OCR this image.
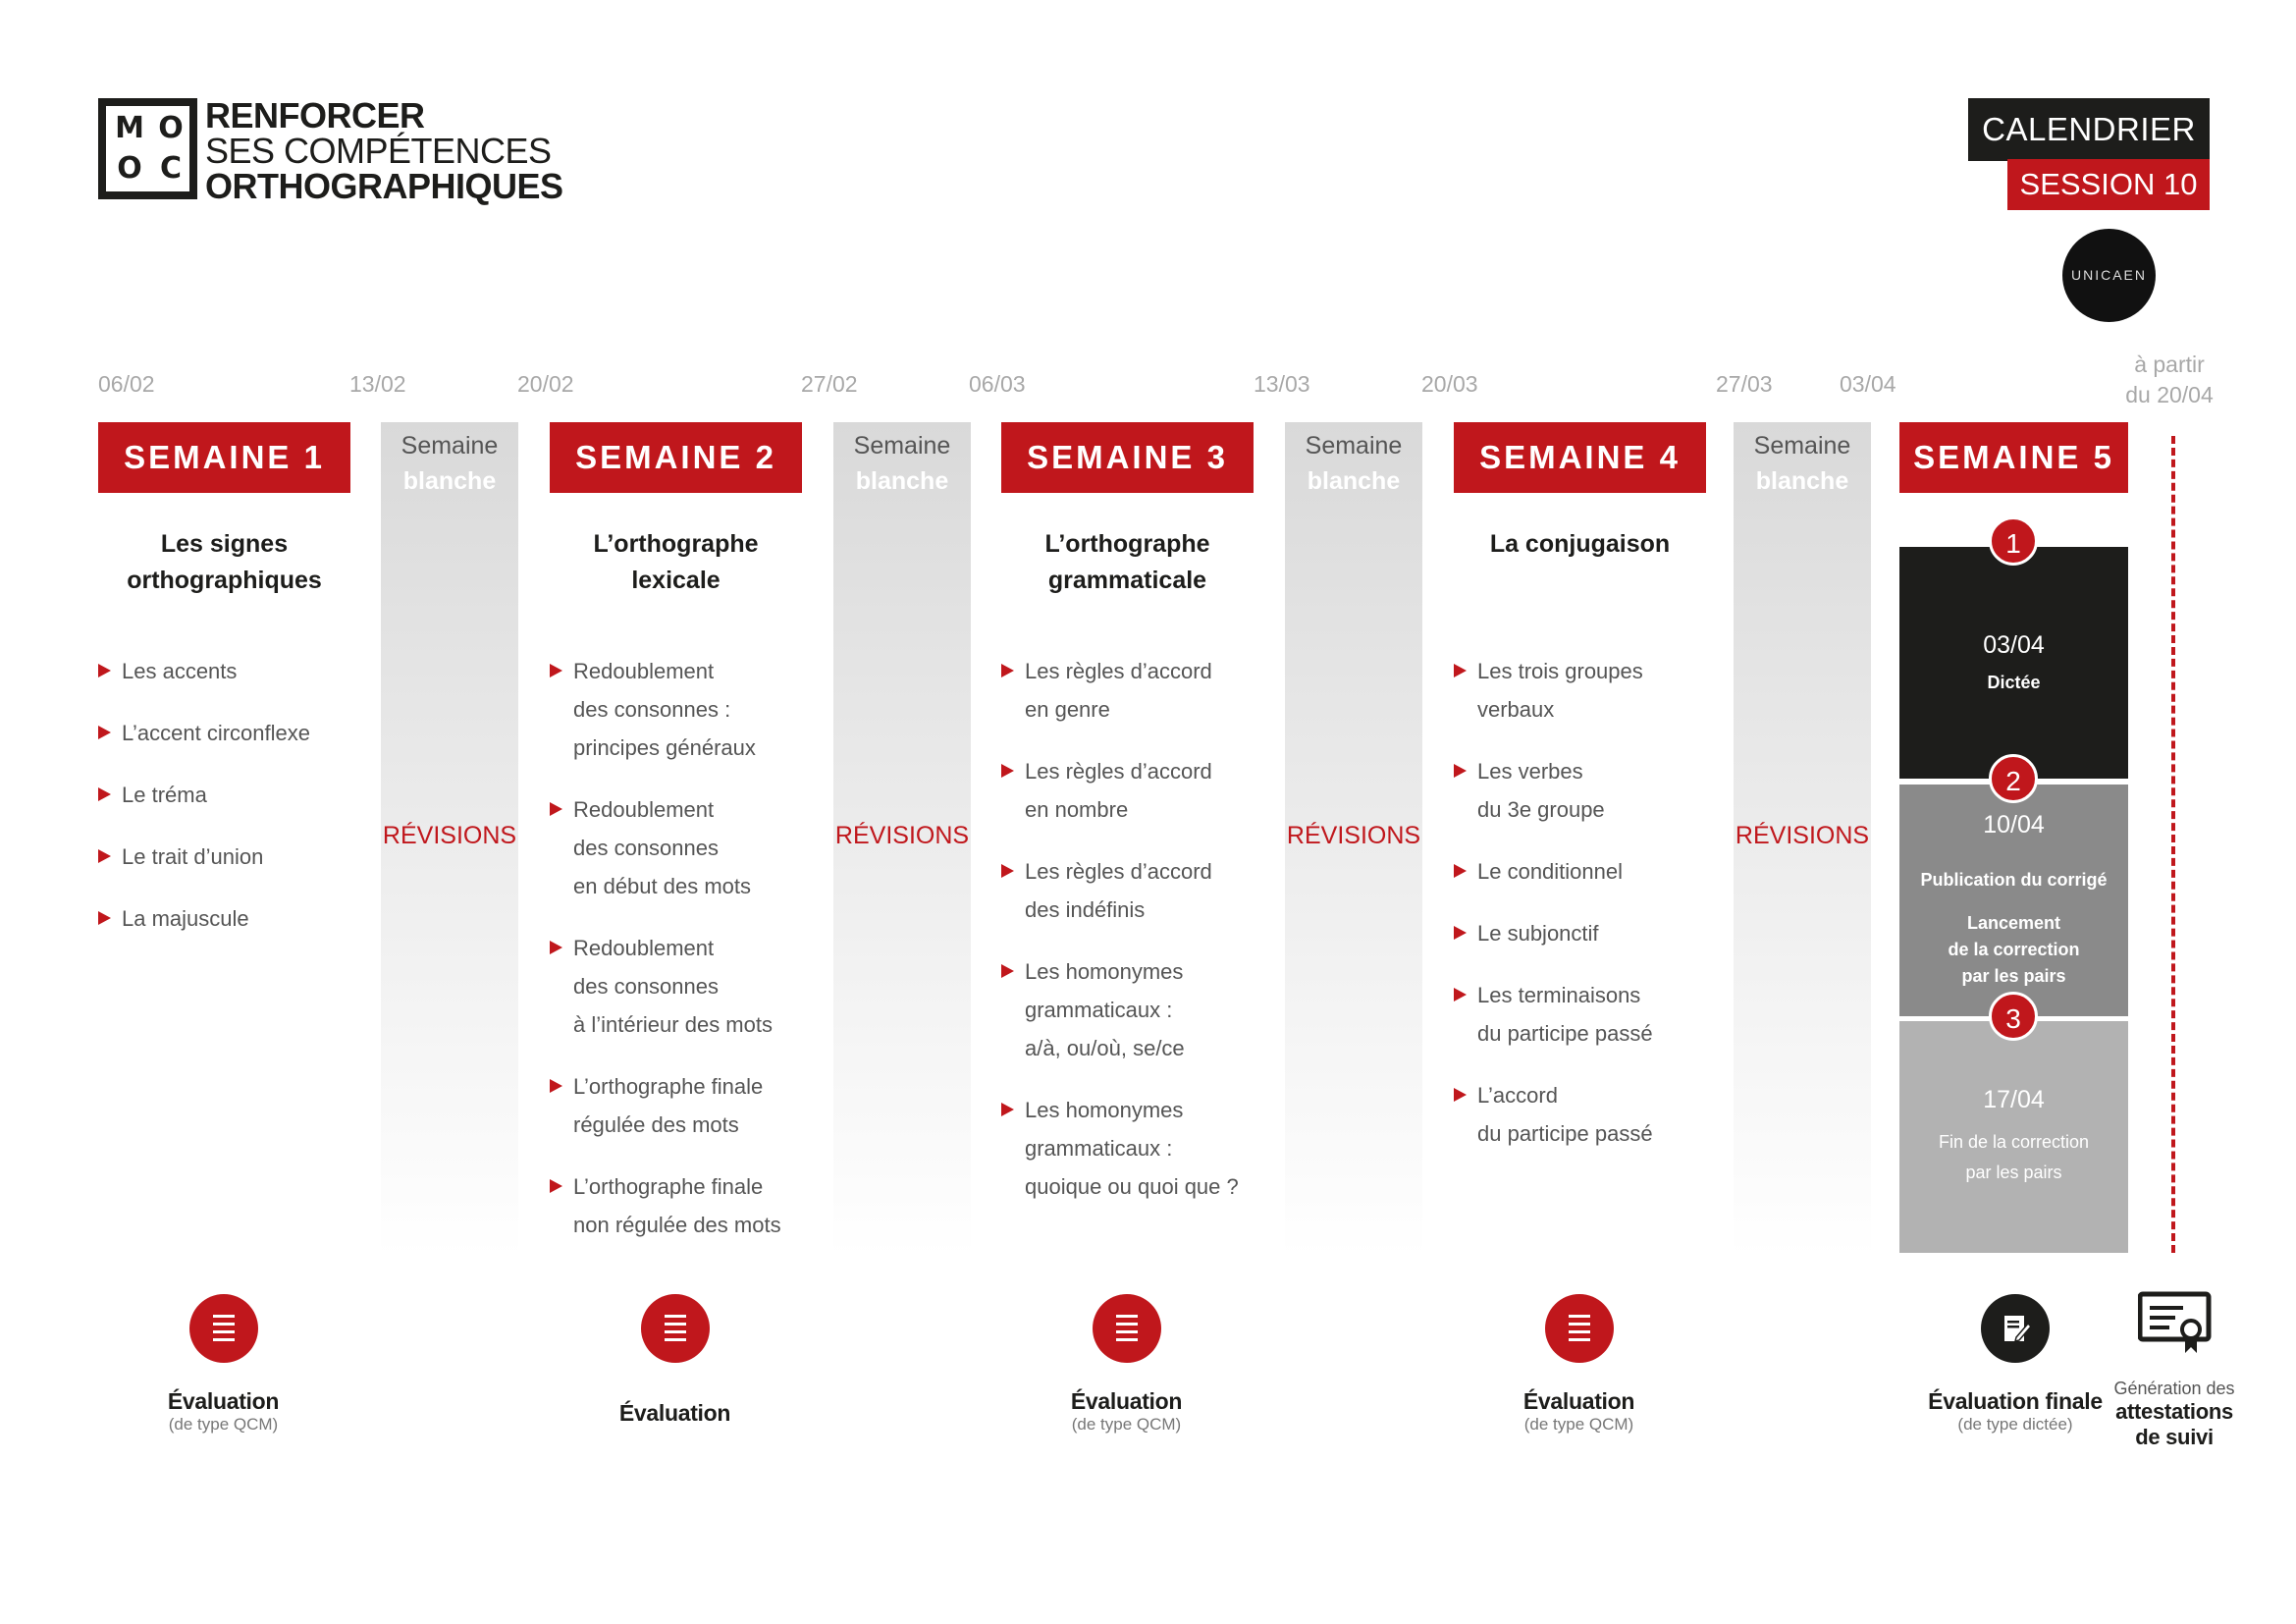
M O
O C
RENFORCER
SES COMPÉTENCES
ORTHOGRAPHIQUES
CALENDRIER
SESSION 10
UNICAEN
06/02	13/02	20/02	27/02	06/03	13/03	20/03	27/03	03/04
à partir
du 20/04
SEMAINE 1	SEMAINE 2	SEMAINE 3	SEMAINE 4	SEMAINE 5
Semaine
blanche
RÉVISIONS
Semaine
blanche
RÉVISIONS
Semaine
blanche
RÉVISIONS
Semaine
blanche
RÉVISIONS
Les signes
orthographiques
L’orthographe
lexicale
L’orthographe
grammaticale
La conjugaison
Les accents
L’accent circonflexe
Le tréma
Le trait d’union
La majuscule
Redoublement
des consonnes :
principes généraux
Redoublement
des consonnes
en début des mots
Redoublement
des consonnes
à l’intérieur des mots
L’orthographe finale
régulée des mots
L’orthographe finale
non régulée des mots
Les règles d’accord
en genre
Les règles d’accord
en nombre
Les règles d’accord
des indéfinis
Les homonymes
grammaticaux :
a/à, ou/où, se/ce
Les homonymes
grammaticaux :
quoique ou quoi que ?
Les trois groupes
verbaux
Les verbes
du 3e groupe
Le conditionnel
Le subjonctif
Les terminaisons
du participe passé
L’accord
du participe passé
03/04
Dictée
10/04
Publication du corrigé
Lancement
de la correction
par les pairs
17/04
Fin de la correction
par les pairs
1
2
3
Évaluation
(de type QCM)	Évaluation	Évaluation
(de type QCM)
Évaluation
(de type QCM)
Évaluation finale
(de type dictée)
Génération des
attestations
de suivi
